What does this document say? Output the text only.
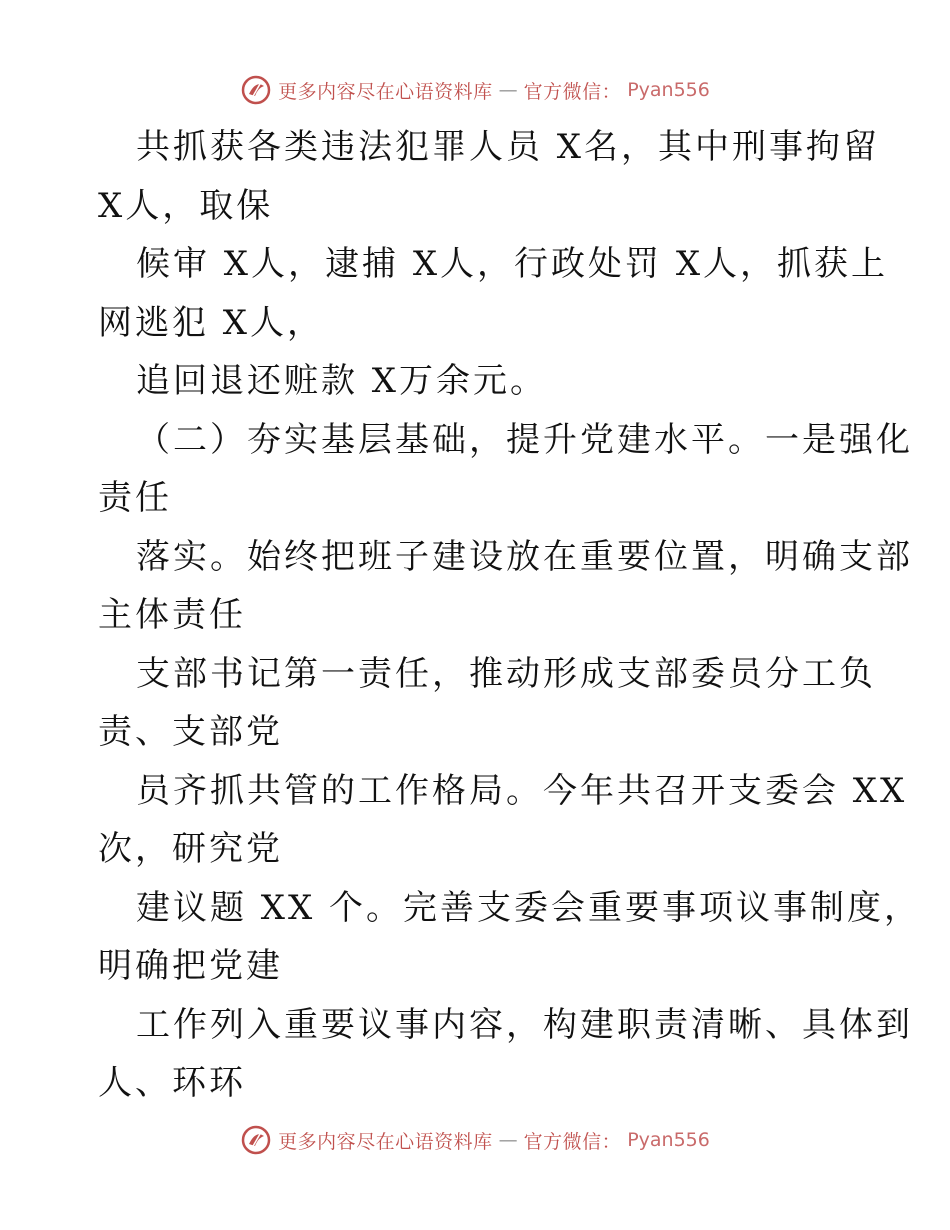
更多内容尽在心语资料库 — 官方微信： Pyan556
共抓获各类违法犯罪人员 X名，其中刑事拘留
X人，取保
候审 X人，逮捕 X人，行政处罚 X人，抓获上
网逃犯 X人，
追回退还赃款 X万余元。
（二）夯实基层基础，提升党建水平。一是强化
责任
落实。始终把班子建设放在重要位置，明确支部
主体责任
支部书记第一责任，推动形成支部委员分工负
责、支部党
员齐抓共管的工作格局。今年共召开支委会 XX
次，研究党
建议题 XX 个。完善支委会重要事项议事制度，
明确把党建
工作列入重要议事内容，构建职责清晰、具体到
人、环环
更多内容尽在心语资料库 — 官方微信： Pyan556
